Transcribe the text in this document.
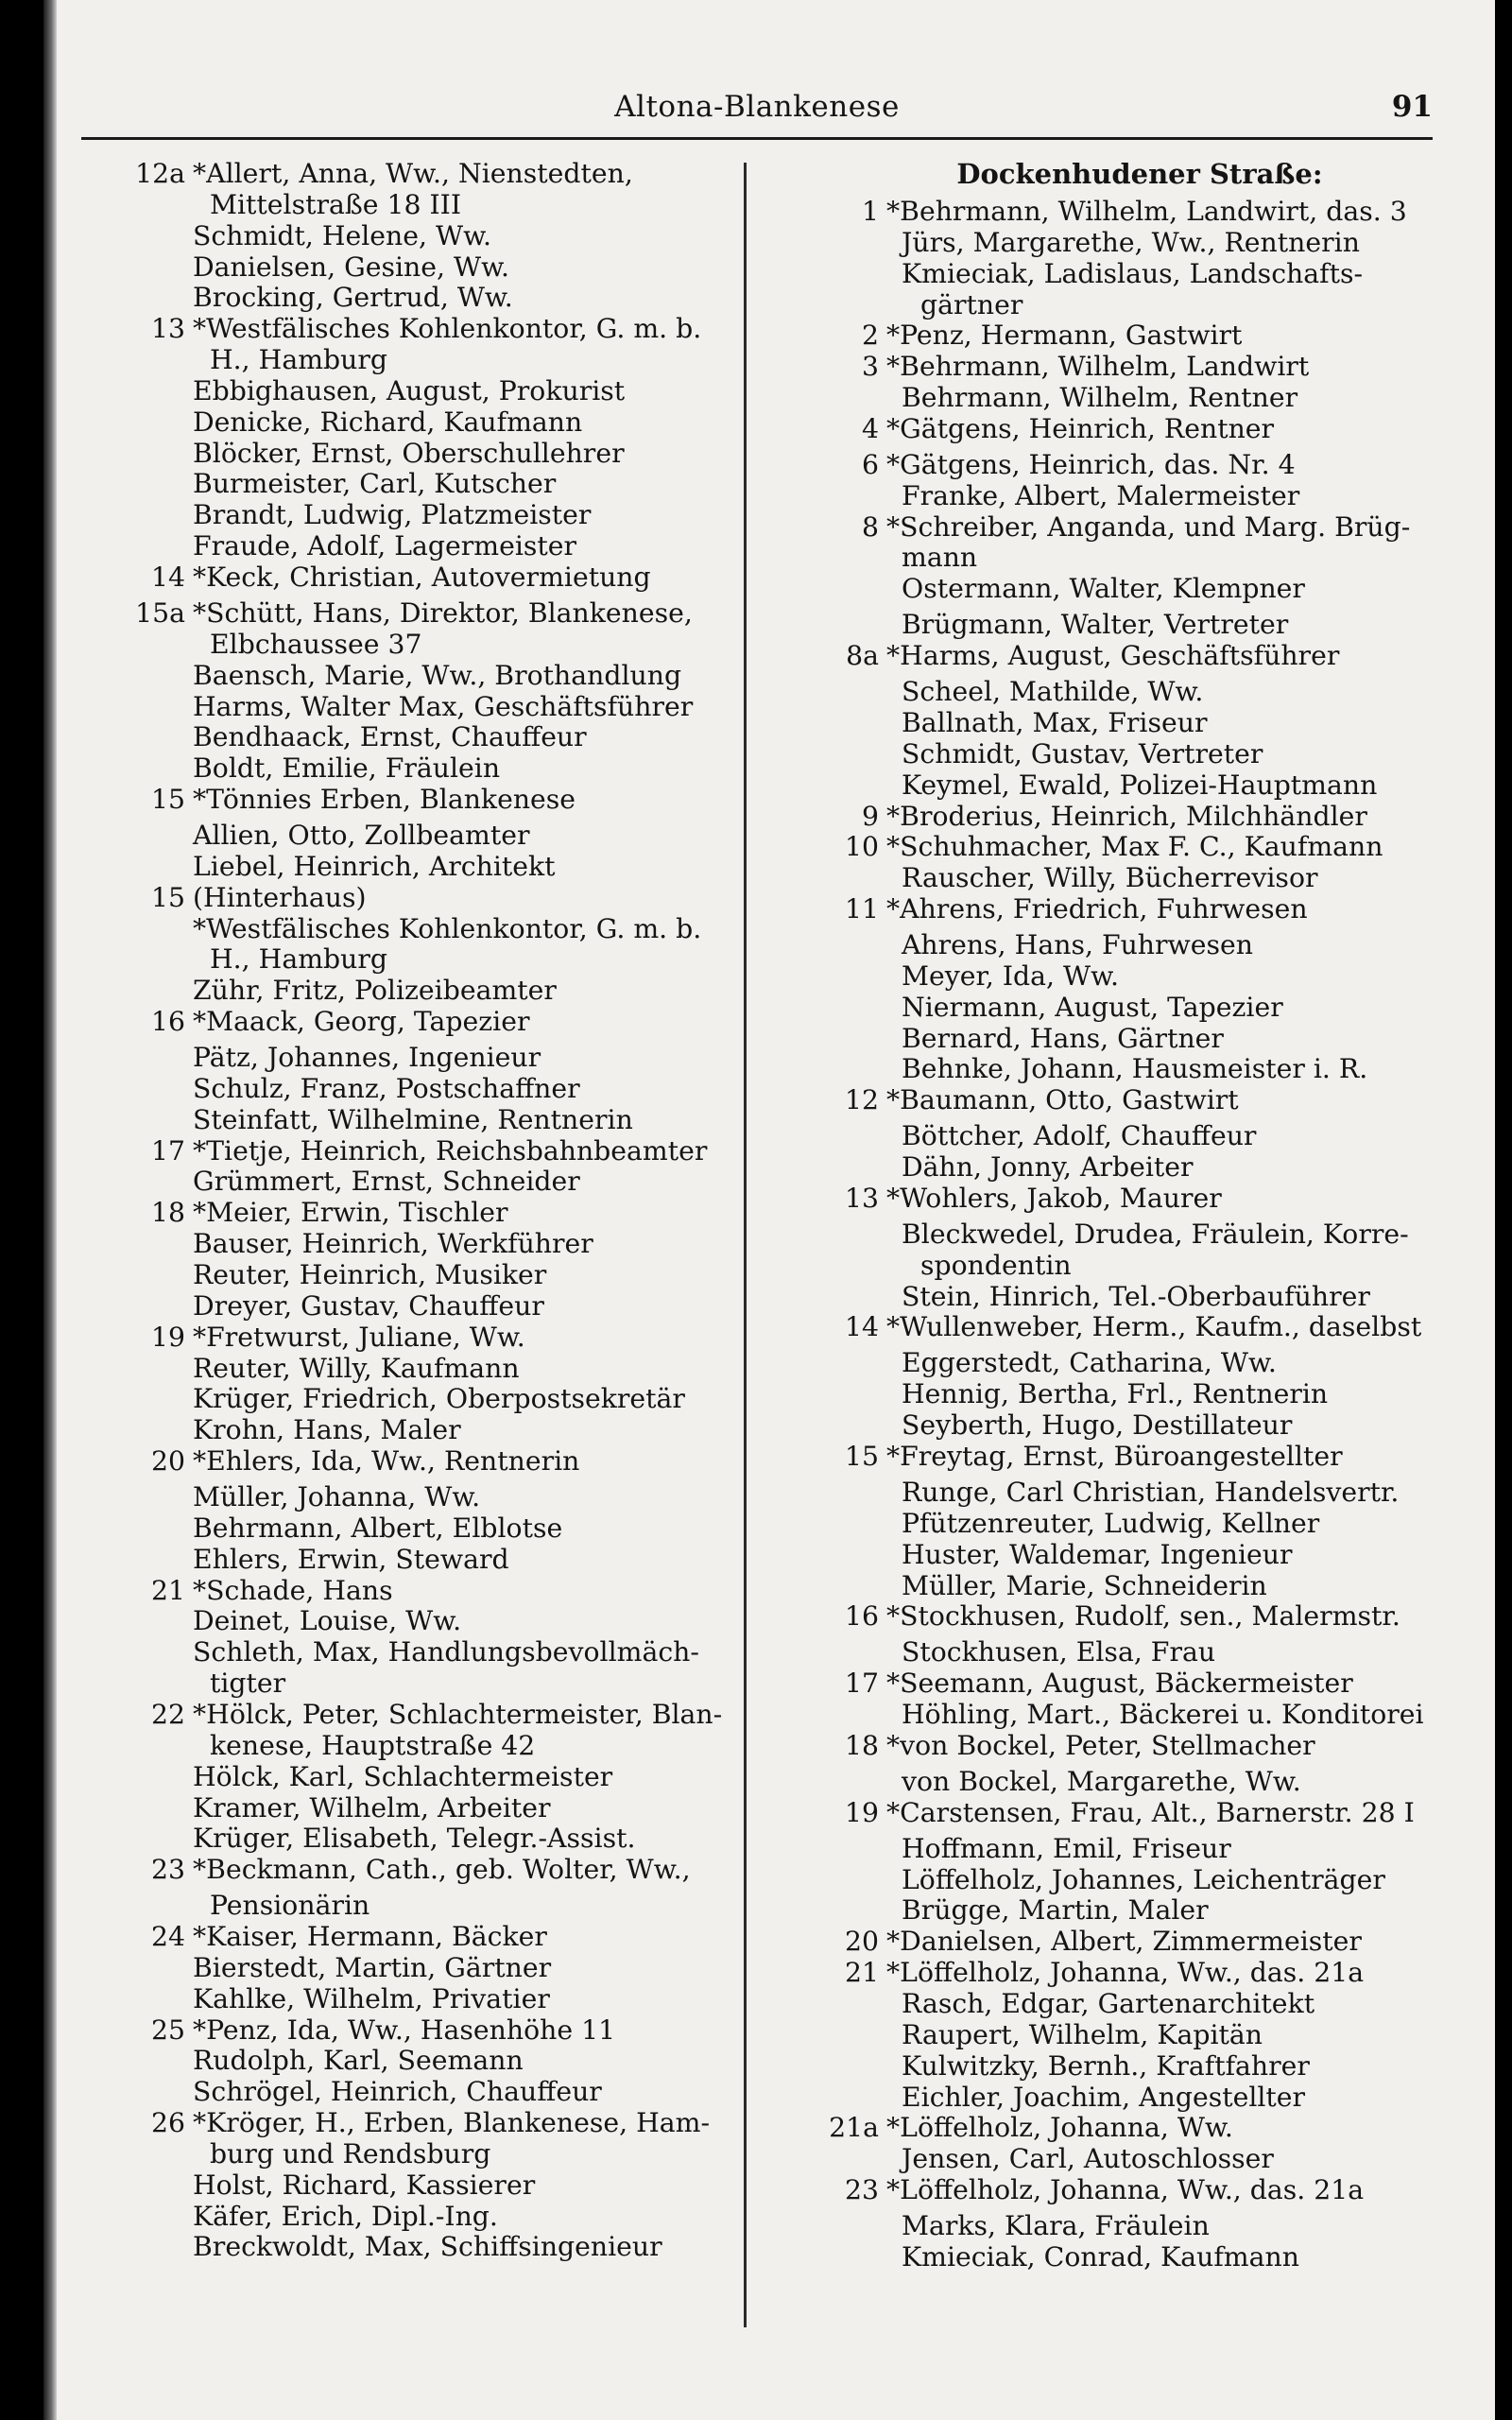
Altona-Blankenese	91
12a *Allert, Anna, Ww., Nienstedten,
Mittelstraße 18 III
Schmidt, Helene, Ww.
Danielsen, Gesine, Ww.
Brocking, Gertrud, Ww.
13 *Westfälisches Kohlenkontor, G. m. b.
H., Hamburg
Ebbighausen, August, Prokurist
Denicke, Richard, Kaufmann
Blöcker, Ernst, Oberschullehrer
Burmeister, Carl, Kutscher
Brandt, Ludwig, Platzmeister
Fraude, Adolf, Lagermeister
14 *Keck, Christian, Autovermietung
15a *Schütt, Hans, Direktor, Blankenese,
Elbchaussee 37
Baensch, Marie, Ww., Brothandlung
Harms, Walter Max, Geschäftsführer
Bendhaack, Ernst, Chauffeur
Boldt, Emilie, Fräulein
15 *Tönnies Erben, Blankenese
Allien, Otto, Zollbeamter
Liebel, Heinrich, Architekt
15 (Hinterhaus)
*Westfälisches Kohlenkontor, G. m. b.
H., Hamburg
Zühr, Fritz, Polizeibeamter
16 *Maack, Georg, Tapezier
Pätz, Johannes, Ingenieur
Schulz, Franz, Postschaffner
Steinfatt, Wilhelmine, Rentnerin
17 *Tietje, Heinrich, Reichsbahnbeamter
Grümmert, Ernst, Schneider
18 *Meier, Erwin, Tischler
Bauser, Heinrich, Werkführer
Reuter, Heinrich, Musiker
Dreyer, Gustav, Chauffeur
19 *Fretwurst, Juliane, Ww.
Reuter, Willy, Kaufmann
Krüger, Friedrich, Oberpostsekretär
Krohn, Hans, Maler
20 *Ehlers, Ida, Ww., Rentnerin
Müller, Johanna, Ww.
Behrmann, Albert, Elblotse
Ehlers, Erwin, Steward
21 *Schade, Hans
Deinet, Louise, Ww.
Schleth, Max, Handlungsbevollmäch-
tigter
22 *Hölck, Peter, Schlachtermeister, Blan-
kenese, Hauptstraße 42
Hölck, Karl, Schlachtermeister
Kramer, Wilhelm, Arbeiter
Krüger, Elisabeth, Telegr.-Assist.
23 *Beckmann, Cath., geb. Wolter, Ww.,
Pensionärin
24 *Kaiser, Hermann, Bäcker
Bierstedt, Martin, Gärtner
Kahlke, Wilhelm, Privatier
25 *Penz, Ida, Ww., Hasenhöhe 11
Rudolph, Karl, Seemann
Schrögel, Heinrich, Chauffeur
26 *Kröger, H., Erben, Blankenese, Ham-
burg und Rendsburg
Holst, Richard, Kassierer
Käfer, Erich, Dipl.-Ing.
Breckwoldt, Max, Schiffsingenieur
Dockenhudener Straße:
1 *Behrmann, Wilhelm, Landwirt, das. 3
Jürs, Margarethe, Ww., Rentnerin
Kmieciak, Ladislaus, Landschafts-
gärtner
2 *Penz, Hermann, Gastwirt
3 *Behrmann, Wilhelm, Landwirt
Behrmann, Wilhelm, Rentner
4 *Gätgens, Heinrich, Rentner
6 *Gätgens, Heinrich, das. Nr. 4
Franke, Albert, Malermeister
8 *Schreiber, Anganda, und Marg. Brüg-
mann
Ostermann, Walter, Klempner
Brügmann, Walter, Vertreter
8a *Harms, August, Geschäftsführer
Scheel, Mathilde, Ww.
Ballnath, Max, Friseur
Schmidt, Gustav, Vertreter
Keymel, Ewald, Polizei-Hauptmann
9 *Broderius, Heinrich, Milchhändler
10 *Schuhmacher, Max F. C., Kaufmann
Rauscher, Willy, Bücherrevisor
11 *Ahrens, Friedrich, Fuhrwesen
Ahrens, Hans, Fuhrwesen
Meyer, Ida, Ww.
Niermann, August, Tapezier
Bernard, Hans, Gärtner
Behnke, Johann, Hausmeister i. R.
12 *Baumann, Otto, Gastwirt
Böttcher, Adolf, Chauffeur
Dähn, Jonny, Arbeiter
13 *Wohlers, Jakob, Maurer
Bleckwedel, Drudea, Fräulein, Korre-
spondentin
Stein, Hinrich, Tel.-Oberbauführer
14 *Wullenweber, Herm., Kaufm., daselbst
Eggerstedt, Catharina, Ww.
Hennig, Bertha, Frl., Rentnerin
Seyberth, Hugo, Destillateur
15 *Freytag, Ernst, Büroangestellter
Runge, Carl Christian, Handelsvertr.
Pfützenreuter, Ludwig, Kellner
Huster, Waldemar, Ingenieur
Müller, Marie, Schneiderin
16 *Stockhusen, Rudolf, sen., Malermstr.
Stockhusen, Elsa, Frau
17 *Seemann, August, Bäckermeister
Höhling, Mart., Bäckerei u. Konditorei
18 *von Bockel, Peter, Stellmacher
von Bockel, Margarethe, Ww.
19 *Carstensen, Frau, Alt., Barnerstr. 28 I
Hoffmann, Emil, Friseur
Löffelholz, Johannes, Leichenträger
Brügge, Martin, Maler
20 *Danielsen, Albert, Zimmermeister
21 *Löffelholz, Johanna, Ww., das. 21a
Rasch, Edgar, Gartenarchitekt
Raupert, Wilhelm, Kapitän
Kulwitzky, Bernh., Kraftfahrer
Eichler, Joachim, Angestellter
21a *Löffelholz, Johanna, Ww.
Jensen, Carl, Autoschlosser
23 *Löffelholz, Johanna, Ww., das. 21a
Marks, Klara, Fräulein
Kmieciak, Conrad, Kaufmann
